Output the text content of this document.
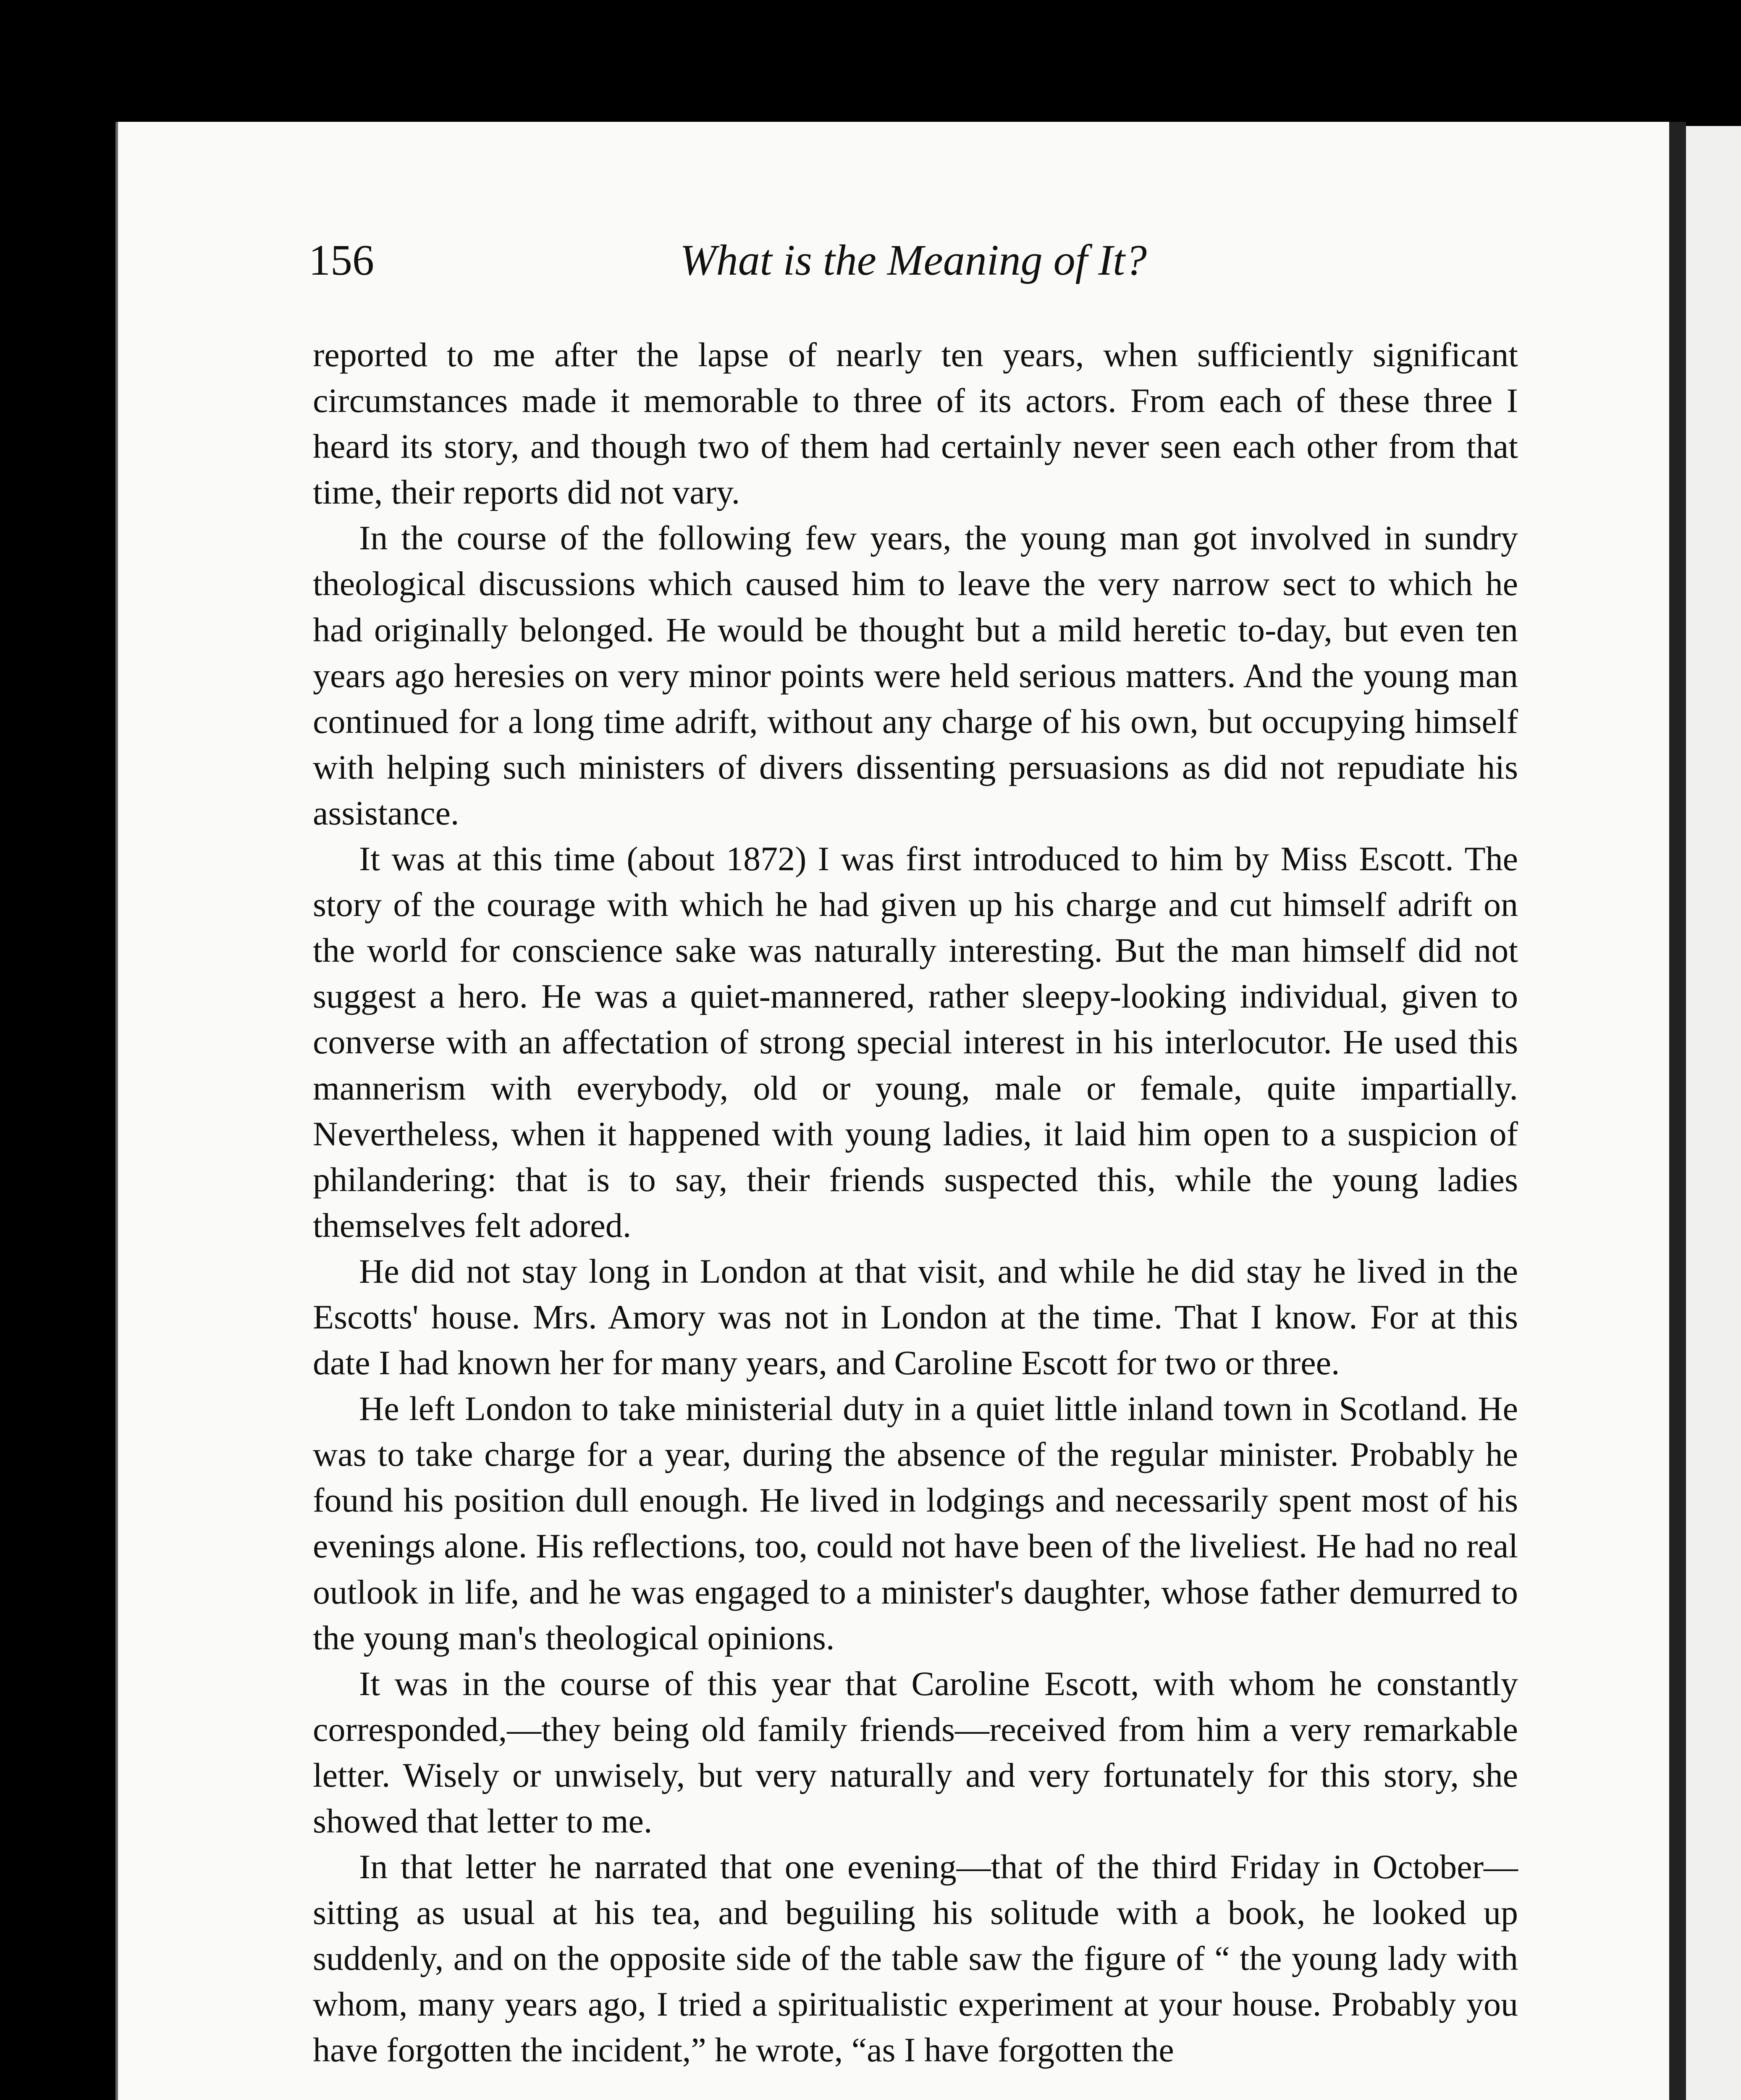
156	What is the Meaning of It?

reported to me after the lapse of nearly ten years, when sufficiently significant circumstances made it memorable to three of its actors. From each of these three I heard its story, and though two of them had certainly never seen each other from that time, their reports did not vary.

In the course of the following few years, the young man got involved in sundry theological discussions which caused him to leave the very narrow sect to which he had originally belonged. He would be thought but a mild heretic to-day, but even ten years ago heresies on very minor points were held serious matters. And the young man continued for a long time adrift, without any charge of his own, but occupying himself with helping such ministers of divers dissenting persuasions as did not repudiate his assistance.

It was at this time (about 1872) I was first introduced to him by Miss Escott. The story of the courage with which he had given up his charge and cut himself adrift on the world for conscience sake was naturally interesting. But the man himself did not suggest a hero. He was a quiet-mannered, rather sleepy-looking individual, given to converse with an affectation of strong special interest in his interlocutor. He used this mannerism with everybody, old or young, male or female, quite impartially. Nevertheless, when it happened with young ladies, it laid him open to a suspicion of philandering: that is to say, their friends suspected this, while the young ladies themselves felt adored.

He did not stay long in London at that visit, and while he did stay he lived in the Escotts' house. Mrs. Amory was not in London at the time. That I know. For at this date I had known her for many years, and Caroline Escott for two or three.

He left London to take ministerial duty in a quiet little inland town in Scotland. He was to take charge for a year, during the absence of the regular minister. Probably he found his position dull enough. He lived in lodgings and necessarily spent most of his evenings alone. His reflections, too, could not have been of the liveliest. He had no real outlook in life, and he was engaged to a minister's daughter, whose father demurred to the young man's theological opinions.

It was in the course of this year that Caroline Escott, with whom he constantly corresponded,—they being old family friends—received from him a very remarkable letter. Wisely or unwisely, but very naturally and very fortunately for this story, she showed that letter to me.

In that letter he narrated that one evening—that of the third Friday in October—sitting as usual at his tea, and beguiling his solitude with a book, he looked up suddenly, and on the opposite side of the table saw the figure of “ the young lady with whom, many years ago, I tried a spiritualistic experiment at your house. Probably you have forgotten the incident,” he wrote, “as I have forgotten the
